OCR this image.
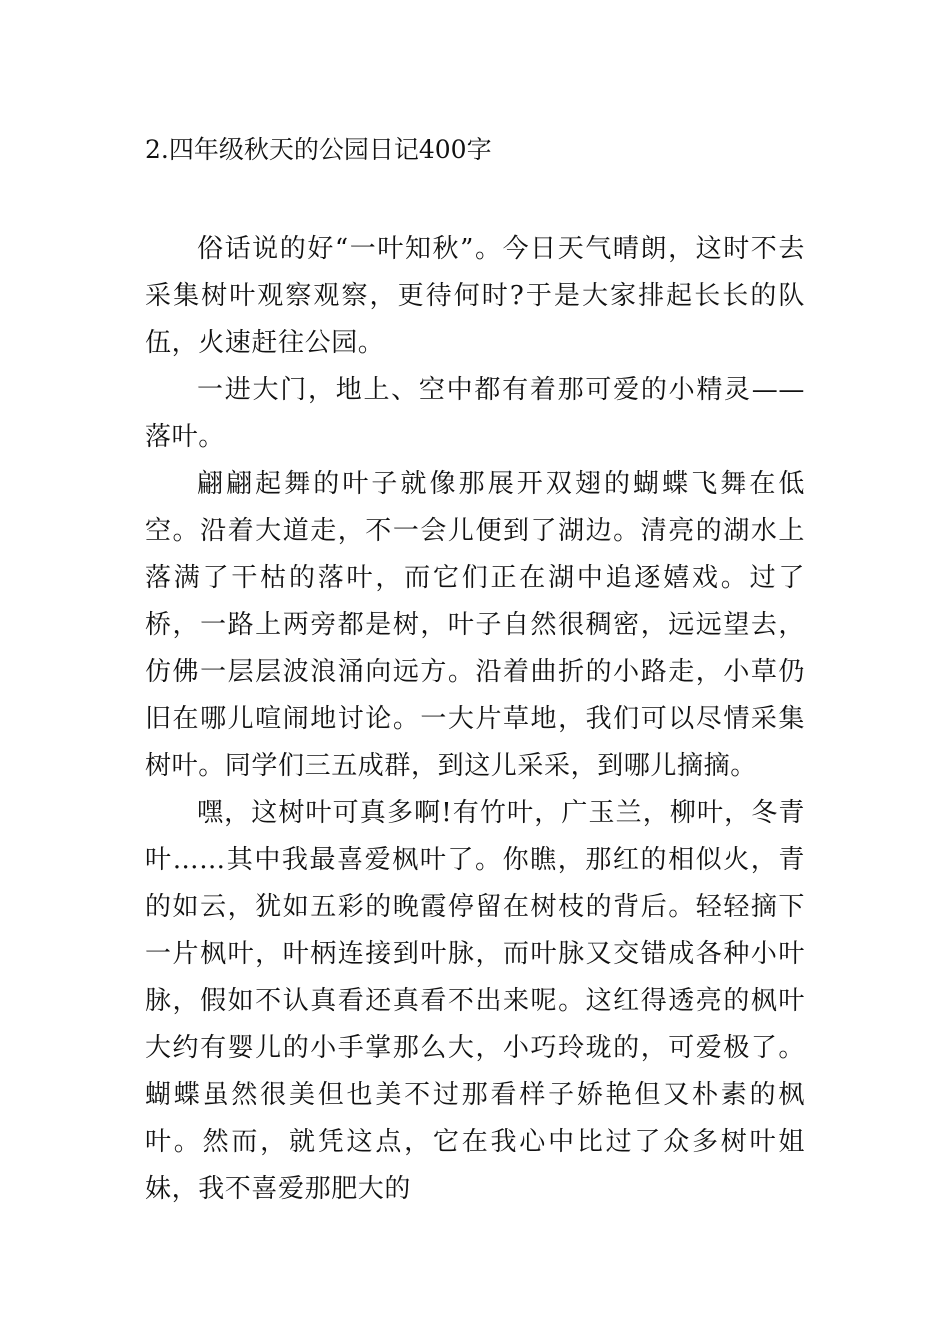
2.四年级秋天的公园日记400字

俗话说的好“一叶知秋”。今日天气晴朗，这时不去采集树叶观察观察，更待何时?于是大家排起长长的队伍，火速赶往公园。

一进大门，地上、空中都有着那可爱的小精灵——落叶。

翩翩起舞的叶子就像那展开双翅的蝴蝶飞舞在低空。沿着大道走，不一会儿便到了湖边。清亮的湖水上落满了干枯的落叶，而它们正在湖中追逐嬉戏。过了桥，一路上两旁都是树，叶子自然很稠密，远远望去，仿佛一层层波浪涌向远方。沿着曲折的小路走，小草仍旧在哪儿喧闹地讨论。一大片草地，我们可以尽情采集树叶。同学们三五成群，到这儿采采，到哪儿摘摘。

嘿，这树叶可真多啊!有竹叶，广玉兰，柳叶，冬青叶……其中我最喜爱枫叶了。你瞧，那红的相似火，青的如云，犹如五彩的晚霞停留在树枝的背后。轻轻摘下一片枫叶，叶柄连接到叶脉，而叶脉又交错成各种小叶脉，假如不认真看还真看不出来呢。这红得透亮的枫叶大约有婴儿的小手掌那么大，小巧玲珑的，可爱极了。蝴蝶虽然很美但也美不过那看样子娇艳但又朴素的枫叶。然而，就凭这点，它在我心中比过了众多树叶姐妹，我不喜爱那肥大的
